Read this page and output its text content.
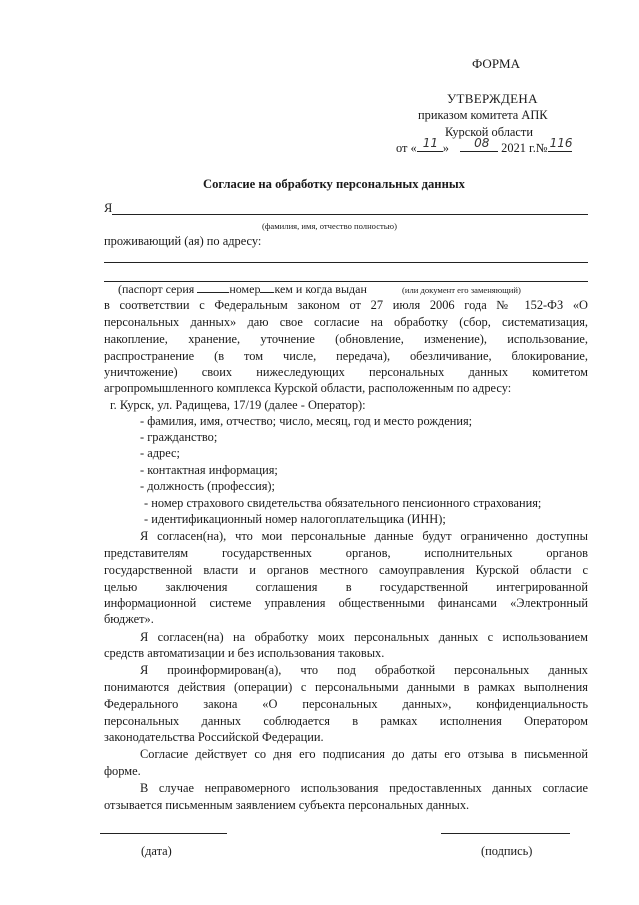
ФОРМА
УТВЕРЖДЕНА
приказом комитета АПК
Курской области
от « 11 » 08 2021 г.№ 116
Согласие на обработку персональных данных
Я
(фамилия, имя, отчество полностью)
проживающий (ая) по адресу:
(паспорт серия	номер кем и когда выдан	(или документ его заменяющий)
в соответствии с Федеральным законом от 27 июля 2006 года № 152-ФЗ «О
персональных данных» даю свое согласие на обработку (сбор, систематизация,
накопление, хранение, уточнение (обновление, изменение), использование,
распространение (в том числе, передача), обезличивание, блокирование,
уничтожение) своих нижеследующих персональных данных комитетом
агропромышленного комплекса Курской области, расположенным по адресу:
г. Курск, ул. Радищева, 17/19 (далее - Оператор):
- фамилия, имя, отчество; число, месяц, год и место рождения;
- гражданство;
- адрес;
- контактная информация;
- должность (профессия);
- номер страхового свидетельства обязательного пенсионного страхования;
- идентификационный номер налогоплательщика (ИНН);
Я согласен(на), что мои персональные данные будут ограниченно доступны
представителям государственных органов, исполнительных органов
государственной власти и органов местного самоуправления Курской области с
целью заключения соглашения в государственной интегрированной
информационной системе управления общественными финансами «Электронный
бюджет».
Я согласен(на) на обработку моих персональных данных с использованием
средств автоматизации и без использования таковых.
Я проинформирован(а), что под обработкой персональных данных
понимаются действия (операции) с персональными данными в рамках выполнения
Федерального закона «О персональных данных», конфиденциальность
персональных данных соблюдается в рамках исполнения Оператором
законодательства Российской Федерации.
Согласие действует со дня его подписания до даты его отзыва в письменной
форме.
В случае неправомерного использования предоставленных данных согласие
отзывается письменным заявлением субъекта персональных данных.
(дата)	(подпись)
